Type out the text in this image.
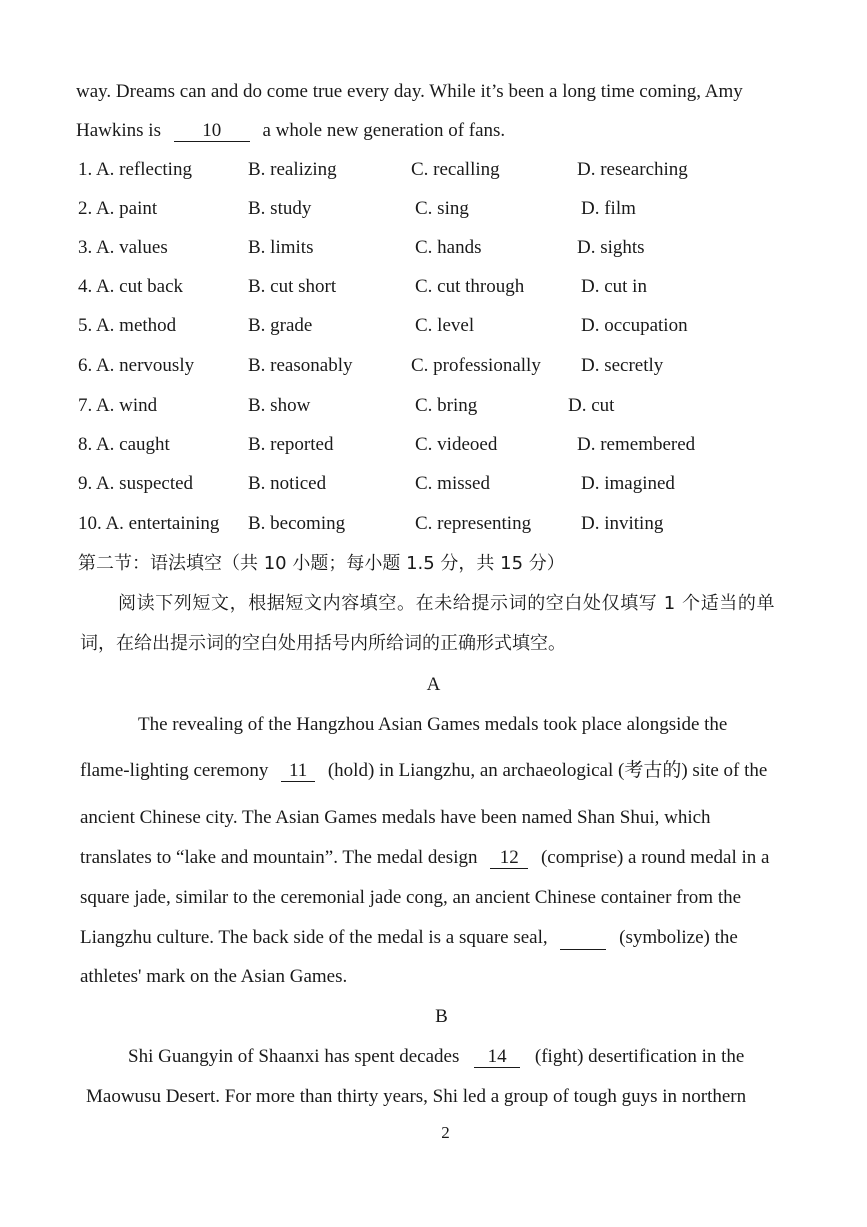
way. Dreams can and do come true every day. While it’s been a long time coming, Amy
Hawkins is 10 a whole new generation of fans.
1. A. reflecting	B. realizing	C. recalling	D. researching
2. A. paint	B. study	C. sing	D. film
3. A. values	B. limits	C. hands	D. sights
4. A. cut back	B. cut short	C. cut through	D. cut in
5. A. method	B. grade	C. level	D. occupation
6. A. nervously	B. reasonably	C. professionally D. secretly
7. A. wind	B. show	C. bring	D. cut
8. A. caught	B. reported	C. videoed	D. remembered
9. A. suspected	B. noticed	C. missed	D. imagined
10. A. entertaining B. becoming	C. representing	D. inviting
第二节：语法填空（共 10 小题；每小题 1.5 分，共 15 分）
阅读下列短文，根据短文内容填空。在未给提示词的空白处仅填写 1 个适当的单
词，在给出提示词的空白处用括号内所给词的正确形式填空。
A
The revealing of the Hangzhou Asian Games medals took place alongside the
flame-lighting ceremony 11 (hold) in Liangzhu, an archaeological (考古的) site of the
ancient Chinese city. The Asian Games medals have been named Shan Shui, which
translates to “lake and mountain”. The medal design 12 (comprise) a round medal in a
square jade, similar to the ceremonial jade cong, an ancient Chinese container from the
Liangzhu culture. The back side of the medal is a square seal,	(symbolize) the
athletes' mark on the Asian Games.
B
Shi Guangyin of Shaanxi has spent decades 14 (fight) desertification in the
Maowusu Desert. For more than thirty years, Shi led a group of tough guys in northern
2
